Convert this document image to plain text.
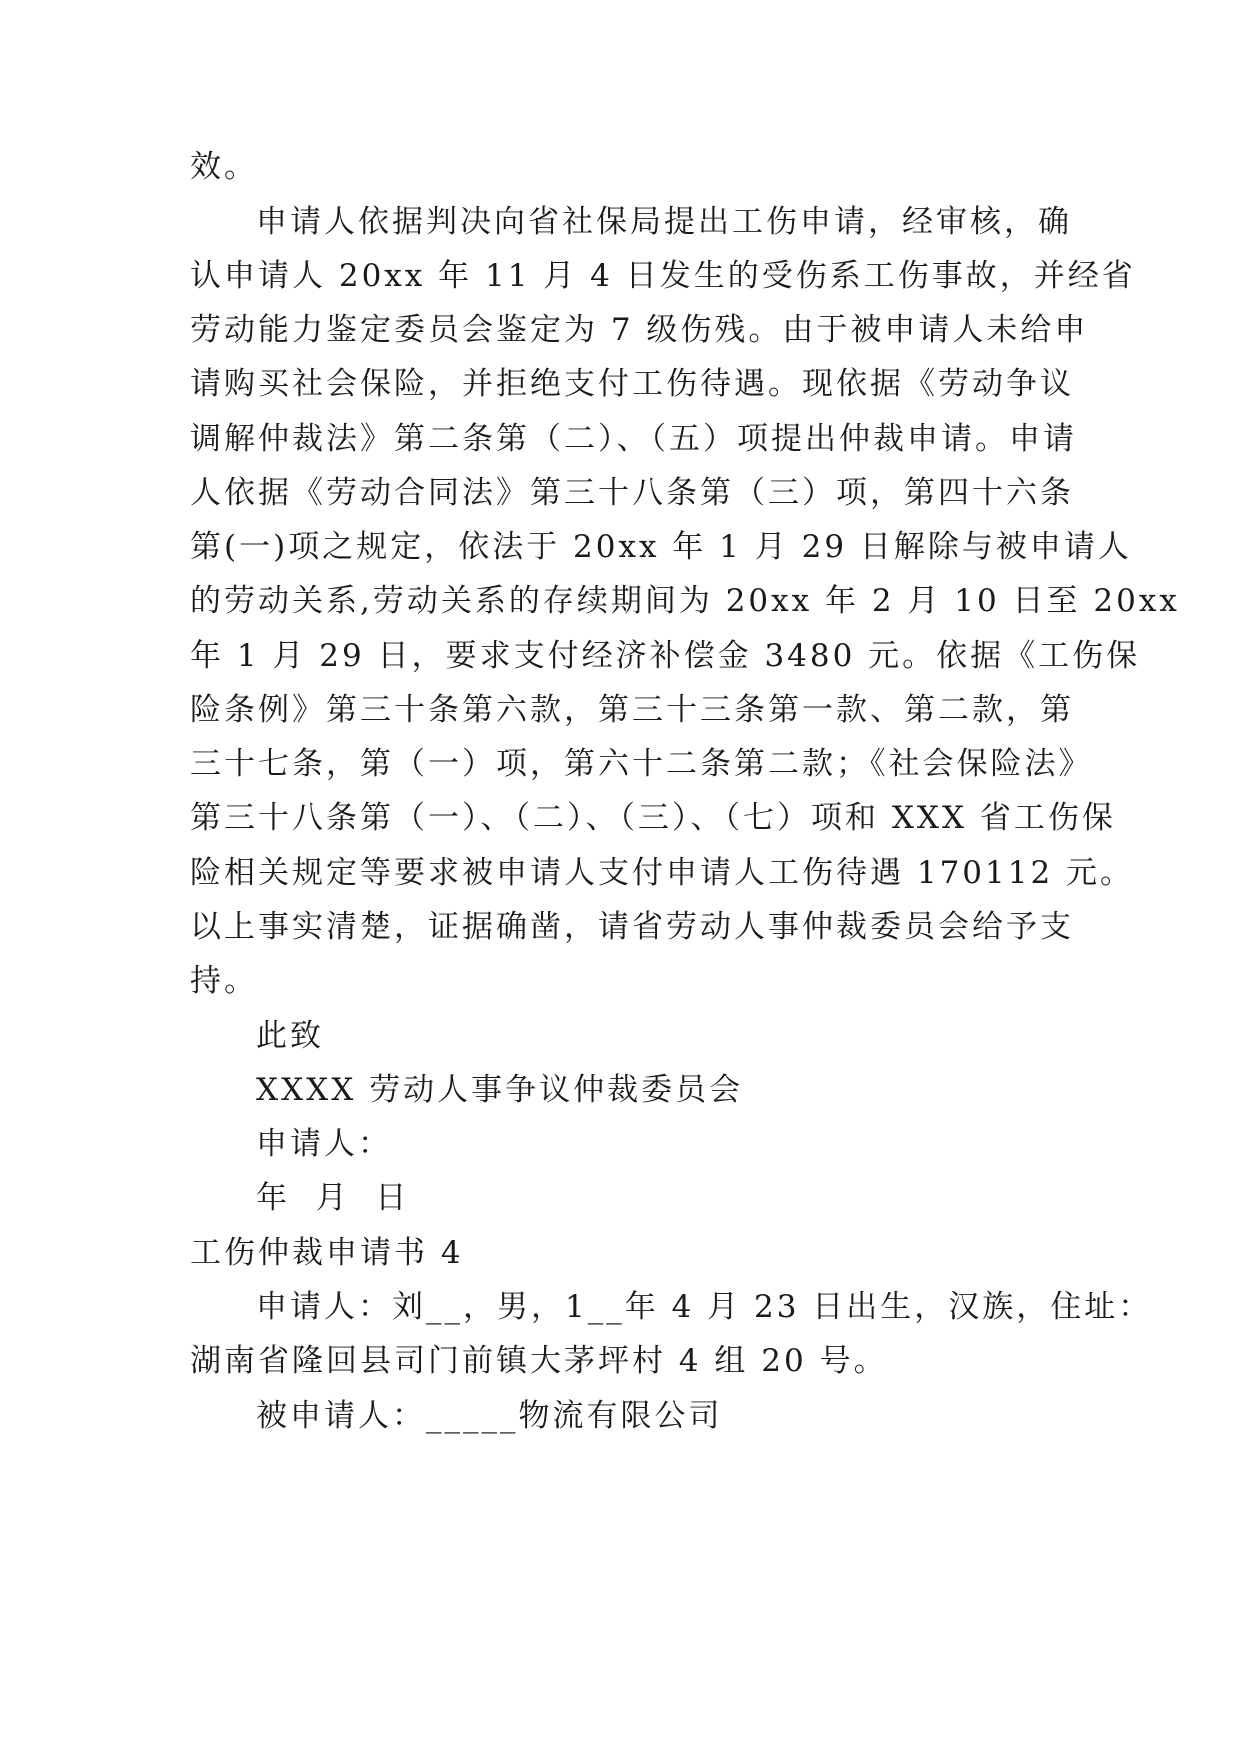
效。
申请人依据判决向省社保局提出工伤申请，经审核，确
认申请人 20xx 年 11 月 4 日发生的受伤系工伤事故，并经省
劳动能力鉴定委员会鉴定为 7 级伤残。由于被申请人未给申
请购买社会保险，并拒绝支付工伤待遇。现依据《劳动争议
调解仲裁法》第二条第（二）、（五）项提出仲裁申请。申请
人依据《劳动合同法》第三十八条第（三）项，第四十六条
第(一)项之规定，依法于 20xx 年 1 月 29 日解除与被申请人
的劳动关系,劳动关系的存续期间为 20xx 年 2 月 10 日至 20xx
年 1 月 29 日，要求支付经济补偿金 3480 元。依据《工伤保
险条例》第三十条第六款，第三十三条第一款、第二款，第
三十七条，第（一）项，第六十二条第二款；《社会保险法》
第三十八条第（一）、（二）、（三）、（七）项和 XXX 省工伤保
险相关规定等要求被申请人支付申请人工伤待遇 170112 元。
以上事实清楚，证据确凿，请省劳动人事仲裁委员会给予支
持。
此致
XXXX 劳动人事争议仲裁委员会
申请人：
年  月  日
工伤仲裁申请书 4
申请人：刘__，男，1__年 4 月 23 日出生，汉族，住址：
湖南省隆回县司门前镇大茅坪村 4 组 20 号。
被申请人：_____物流有限公司
